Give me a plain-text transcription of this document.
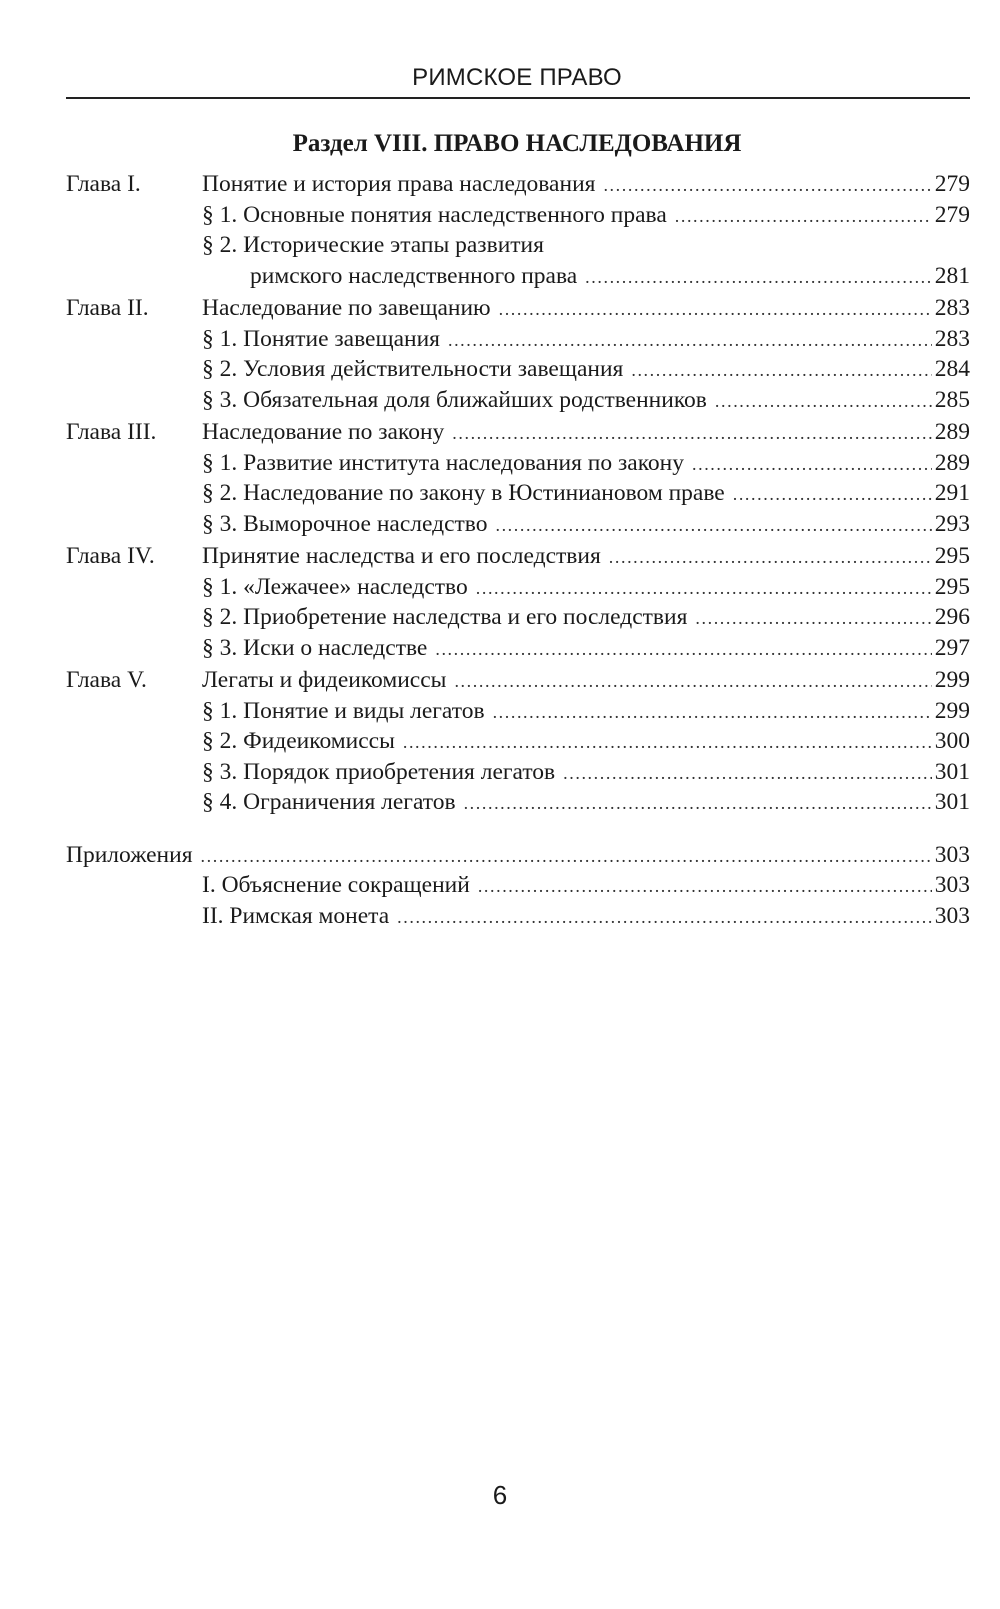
РИМСКОЕ ПРАВО
Раздел VIII. ПРАВО НАСЛЕДОВАНИЯ
Глава I.	Понятие и история права наследования .....	279
§ 1. Основные понятия наследственного права .....	279
§ 2. Исторические этапы развития
римского наследственного права .....	281
Глава II.	Наследование по завещанию .....	283
§ 1. Понятие завещания .....	283
§ 2. Условия действительности завещания .....	284
§ 3. Обязательная доля ближайших родственников .....	285
Глава III.	Наследование по закону .....	289
§ 1. Развитие института наследования по закону .....	289
§ 2. Наследование по закону в Юстиниановом праве .....	291
§ 3. Выморочное наследство .....	293
Глава IV.	Принятие наследства и его последствия .....	295
§ 1. «Лежачее» наследство .....	295
§ 2. Приобретение наследства и его последствия .....	296
§ 3. Иски о наследстве .....	297
Глава V.	Легаты и фидеикомиссы .....	299
§ 1. Понятие и виды легатов .....	299
§ 2. Фидеикомиссы .....	300
§ 3. Порядок приобретения легатов .....	301
§ 4. Ограничения легатов .....	301
Приложения .....	303
I. Объяснение сокращений .....	303
II. Римская монета .....	303
6
